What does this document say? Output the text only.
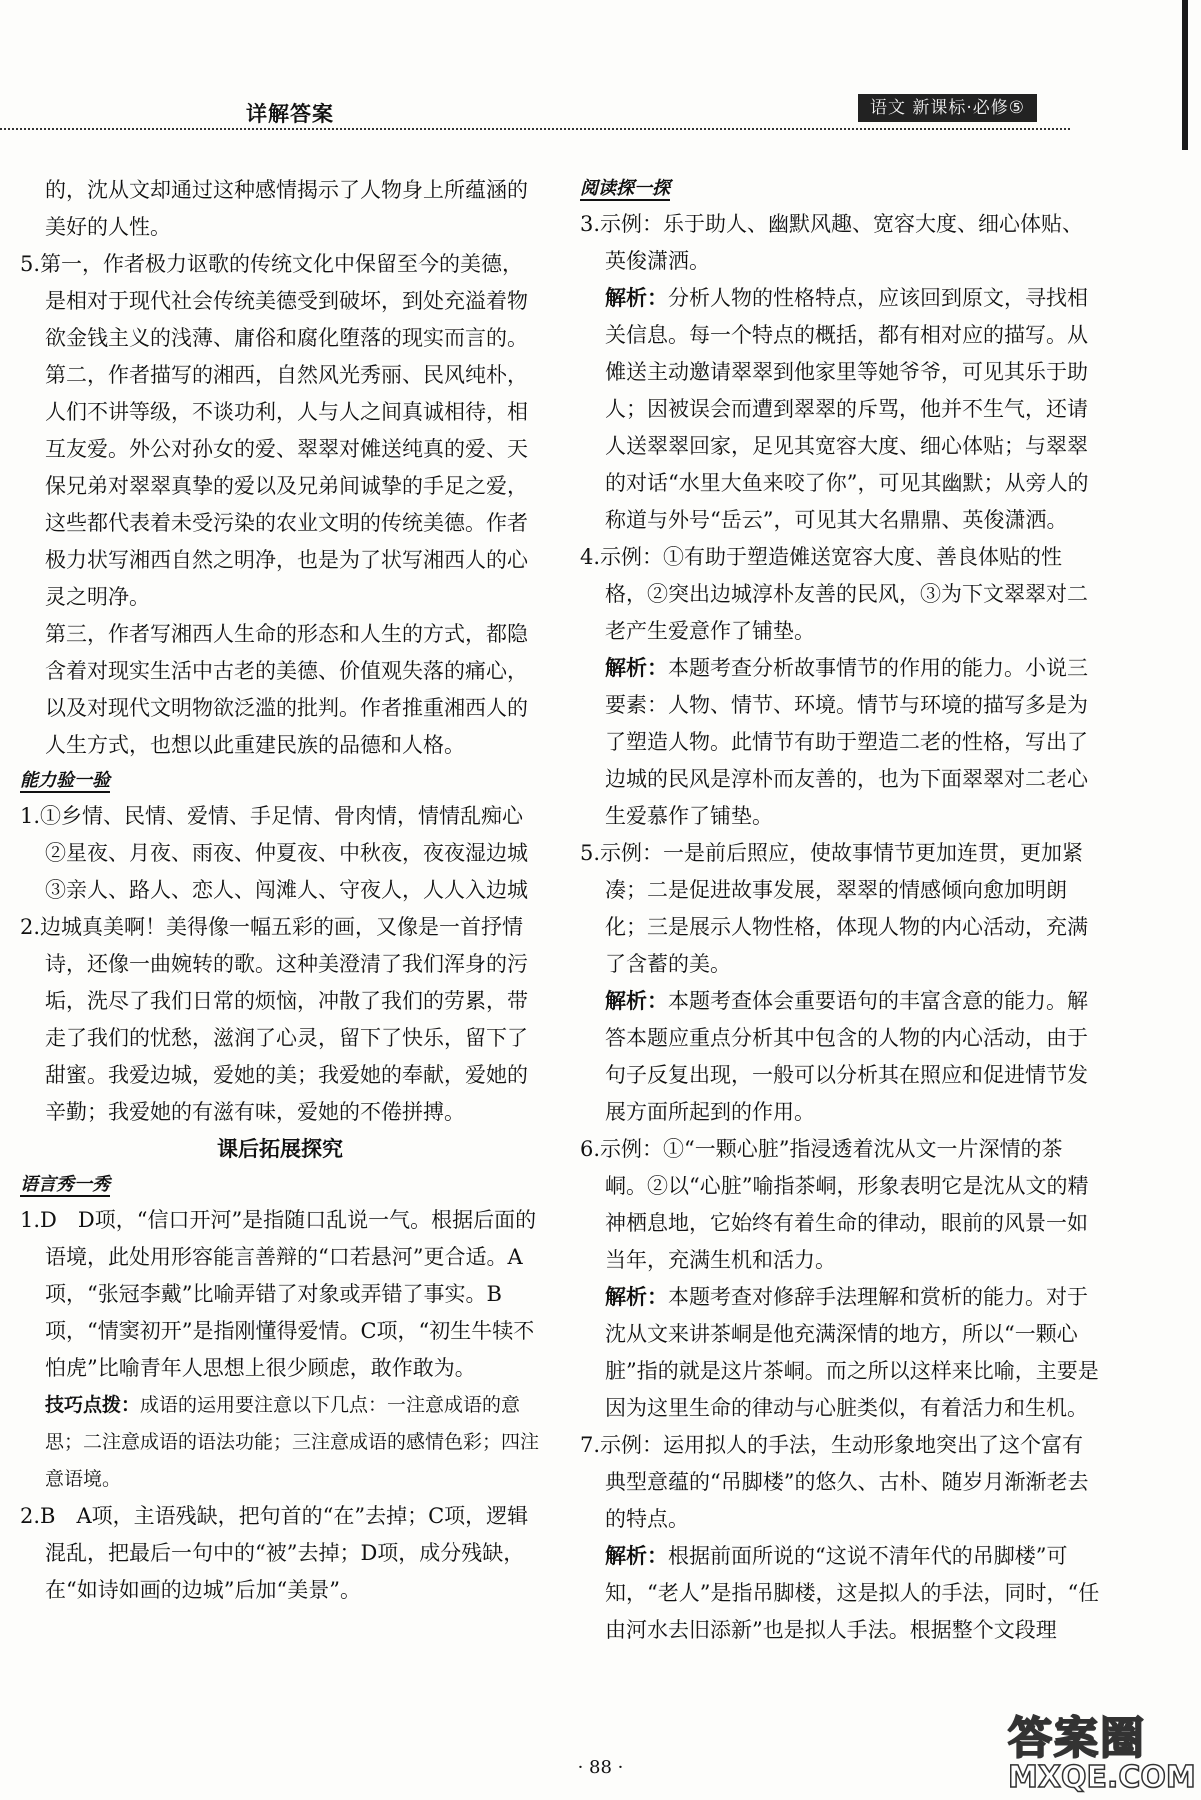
详解答案	语文 新课标·必修⑤

的，沈从文却通过这种感情揭示了人物身上所蕴涵的美好的人性。

5.第一，作者极力讴歌的传统文化中保留至今的美德，是相对于现代社会传统美德受到破坏，到处充溢着物欲金钱主义的浅薄、庸俗和腐化堕落的现实而言的。

第二，作者描写的湘西，自然风光秀丽、民风纯朴，人们不讲等级，不谈功利，人与人之间真诚相待，相互友爱。外公对孙女的爱、翠翠对傩送纯真的爱、天保兄弟对翠翠真挚的爱以及兄弟间诚挚的手足之爱，这些都代表着未受污染的农业文明的传统美德。作者极力状写湘西自然之明净，也是为了状写湘西人的心灵之明净。

第三，作者写湘西人生命的形态和人生的方式，都隐含着对现实生活中古老的美德、价值观失落的痛心，以及对现代文明物欲泛滥的批判。作者推重湘西人的人生方式，也想以此重建民族的品德和人格。

能力验一验

1.①乡情、民情、爱情、手足情、骨肉情，情情乱痴心

②星夜、月夜、雨夜、仲夏夜、中秋夜，夜夜湿边城

③亲人、路人、恋人、闯滩人、守夜人，人人入边城

2.边城真美啊！美得像一幅五彩的画，又像是一首抒情诗，还像一曲婉转的歌。这种美澄清了我们浑身的污垢，洗尽了我们日常的烦恼，冲散了我们的劳累，带走了我们的忧愁，滋润了心灵，留下了快乐，留下了甜蜜。我爱边城，爱她的美；我爱她的奉献，爱她的辛勤；我爱她的有滋有味，爱她的不倦拼搏。

课后拓展探究

语言秀一秀

1.D　D项，“信口开河”是指随口乱说一气。根据后面的语境，此处用形容能言善辩的“口若悬河”更合适。A项，“张冠李戴”比喻弄错了对象或弄错了事实。B项，“情窦初开”是指刚懂得爱情。C项，“初生牛犊不怕虎”比喻青年人思想上很少顾虑，敢作敢为。

技巧点拨：成语的运用要注意以下几点：一注意成语的意思；二注意成语的语法功能；三注意成语的感情色彩；四注意语境。

2.B　A项，主语残缺，把句首的“在”去掉；C项，逻辑混乱，把最后一句中的“被”去掉；D项，成分残缺，在“如诗如画的边城”后加“美景”。

阅读探一探

3.示例：乐于助人、幽默风趣、宽容大度、细心体贴、英俊潇洒。

解析：分析人物的性格特点，应该回到原文，寻找相关信息。每一个特点的概括，都有相对应的描写。从傩送主动邀请翠翠到他家里等她爷爷，可见其乐于助人；因被误会而遭到翠翠的斥骂，他并不生气，还请人送翠翠回家，足见其宽容大度、细心体贴；与翠翠的对话“水里大鱼来咬了你”，可见其幽默；从旁人的称道与外号“岳云”，可见其大名鼎鼎、英俊潇洒。

4.示例：①有助于塑造傩送宽容大度、善良体贴的性格，②突出边城淳朴友善的民风，③为下文翠翠对二老产生爱意作了铺垫。

解析：本题考查分析故事情节的作用的能力。小说三要素：人物、情节、环境。情节与环境的描写多是为了塑造人物。此情节有助于塑造二老的性格，写出了边城的民风是淳朴而友善的，也为下面翠翠对二老心生爱慕作了铺垫。

5.示例：一是前后照应，使故事情节更加连贯，更加紧凑；二是促进故事发展，翠翠的情感倾向愈加明朗化；三是展示人物性格，体现人物的内心活动，充满了含蓄的美。

解析：本题考查体会重要语句的丰富含意的能力。解答本题应重点分析其中包含的人物的内心活动，由于句子反复出现，一般可以分析其在照应和促进情节发展方面所起到的作用。

6.示例：①“一颗心脏”指浸透着沈从文一片深情的茶峒。②以“心脏”喻指茶峒，形象表明它是沈从文的精神栖息地，它始终有着生命的律动，眼前的风景一如当年，充满生机和活力。

解析：本题考查对修辞手法理解和赏析的能力。对于沈从文来讲茶峒是他充满深情的地方，所以“一颗心脏”指的就是这片茶峒。而之所以这样来比喻，主要是因为这里生命的律动与心脏类似，有着活力和生机。

7.示例：运用拟人的手法，生动形象地突出了这个富有典型意蕴的“吊脚楼”的悠久、古朴、随岁月渐渐老去的特点。

解析：根据前面所说的“这说不清年代的吊脚楼”可知，“老人”是指吊脚楼，这是拟人的手法，同时，“任由河水去旧添新”也是拟人手法。根据整个文段理

· 88 ·
答案圈
MXQE.COM
